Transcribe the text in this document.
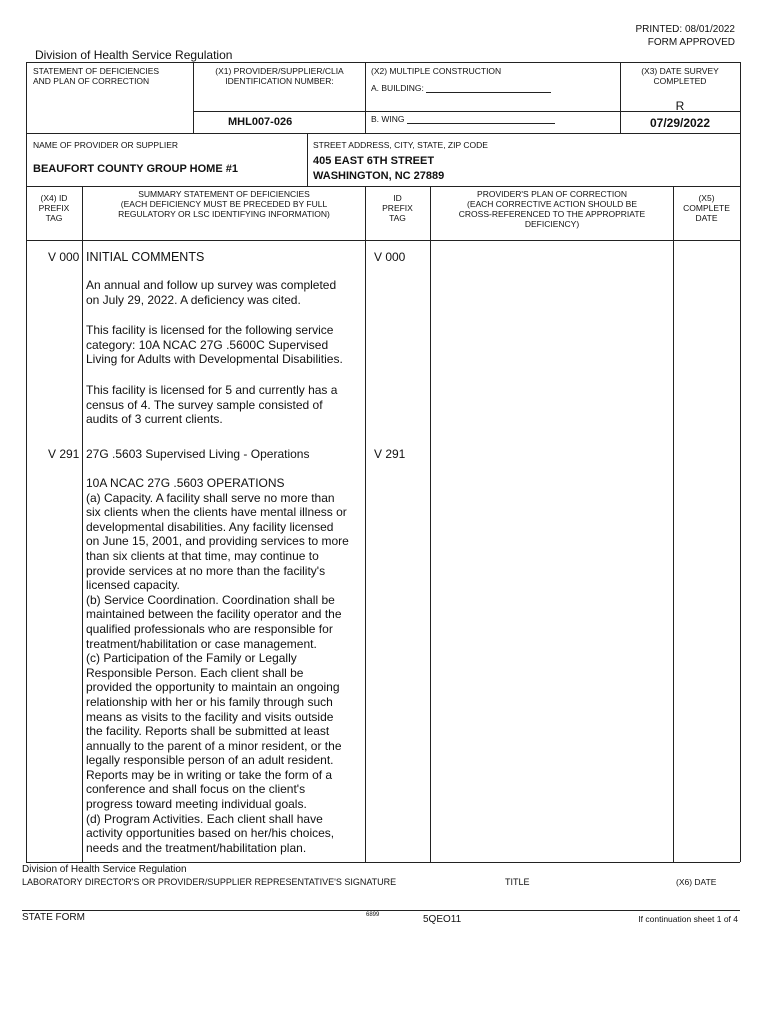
PRINTED: 08/01/2022
FORM APPROVED
Division of Health Service Regulation
STATEMENT OF DEFICIENCIES
AND PLAN OF CORRECTION
(X1) PROVIDER/SUPPLIER/CLIA
IDENTIFICATION NUMBER:
MHL007-026
(X2) MULTIPLE CONSTRUCTION
A. BUILDING:
B. WING
(X3) DATE SURVEY
COMPLETED
R
07/29/2022
NAME OF PROVIDER OR SUPPLIER
BEAUFORT COUNTY GROUP HOME #1
STREET ADDRESS, CITY, STATE, ZIP CODE
405 EAST 6TH STREET
WASHINGTON, NC 27889
(X4) ID
PREFIX
TAG
SUMMARY STATEMENT OF DEFICIENCIES
(EACH DEFICIENCY MUST BE PRECEDED BY FULL
REGULATORY OR LSC IDENTIFYING INFORMATION)
ID
PREFIX
TAG
PROVIDER'S PLAN OF CORRECTION
(EACH CORRECTIVE ACTION SHOULD BE
CROSS-REFERENCED TO THE APPROPRIATE
DEFICIENCY)
(X5)
COMPLETE
DATE
V 000	V 000
INITIAL COMMENTS
An annual and follow up survey was completed
on July 29, 2022. A deficiency was cited.
This facility is licensed for the following service
category: 10A NCAC 27G .5600C Supervised
Living for Adults with Developmental Disabilities.
This facility is licensed for 5 and currently has a
census of 4. The survey sample consisted of
audits of 3 current clients.
V 291	V 291
27G .5603 Supervised Living - Operations
10A NCAC 27G .5603 OPERATIONS
(a) Capacity. A facility shall serve no more than
six clients when the clients have mental illness or
developmental disabilities. Any facility licensed
on June 15, 2001, and providing services to more
than six clients at that time, may continue to
provide services at no more than the facility's
licensed capacity.
(b) Service Coordination. Coordination shall be
maintained between the facility operator and the
qualified professionals who are responsible for
treatment/habilitation or case management.
(c) Participation of the Family or Legally
Responsible Person. Each client shall be
provided the opportunity to maintain an ongoing
relationship with her or his family through such
means as visits to the facility and visits outside
the facility. Reports shall be submitted at least
annually to the parent of a minor resident, or the
legally responsible person of an adult resident.
Reports may be in writing or take the form of a
conference and shall focus on the client's
progress toward meeting individual goals.
(d) Program Activities. Each client shall have
activity opportunities based on her/his choices,
needs and the treatment/habilitation plan.
Division of Health Service Regulation
LABORATORY DIRECTOR'S OR PROVIDER/SUPPLIER REPRESENTATIVE'S SIGNATURE	TITLE	(X6) DATE
STATE FORM	6899	5QEO11	If continuation sheet 1 of 4
